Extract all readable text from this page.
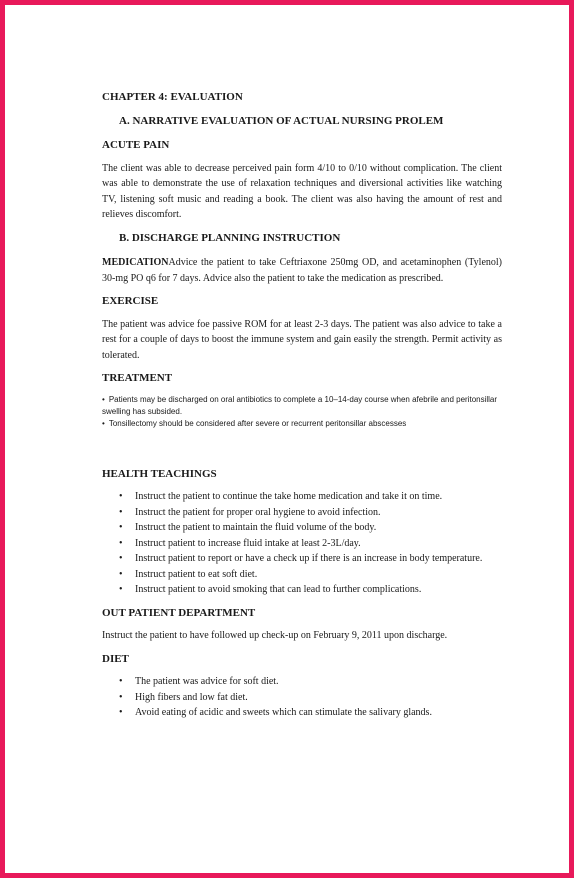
CHAPTER 4: EVALUATION
A. NARRATIVE EVALUATION OF ACTUAL NURSING PROLEM
ACUTE PAIN

The client was able to decrease perceived pain form 4/10 to 0/10 without complication. The client was able to demonstrate the use of relaxation techniques and diversional activities like watching TV, listening soft music and reading a book. The client was also having the amount of rest and relieves discomfort.

B. DISCHARGE PLANNING INSTRUCTION

MEDICATIONAdvice the patient to take Ceftriaxone 250mg OD, and acetaminophen (Tylenol) 30-mg PO q6 for 7 days. Advice also the patient to take the medication as prescribed.

EXERCISE

The patient was advice foe passive ROM for at least 2-3 days. The patient was also advice to take a rest for a couple of days to boost the immune system and gain easily the strength. Permit activity as tolerated.

TREATMENT
• Patients may be discharged on oral antibiotics to complete a 10–14-day course when afebrile and peritonsillar swelling has subsided.
• Tonsillectomy should be considered after severe or recurrent peritonsillar abscesses
HEALTH TEACHINGS
• Instruct the patient to continue the take home medication and take it on time.
• Instruct the patient for proper oral hygiene to avoid infection.
• Instruct the patient to maintain the fluid volume of the body.
• Instruct patient to increase fluid intake at least 2-3L/day.
• Instruct patient to report or have a check up if there is an increase in body temperature.
• Instruct patient to eat soft diet.
• Instruct patient to avoid smoking that can lead to further complications.
OUT PATIENT DEPARTMENT

Instruct the patient to have followed up check-up on February 9, 2011 upon discharge.

DIET
• The patient was advice for soft diet.
• High fibers and low fat diet.
• Avoid eating of acidic and sweets which can stimulate the salivary glands.
